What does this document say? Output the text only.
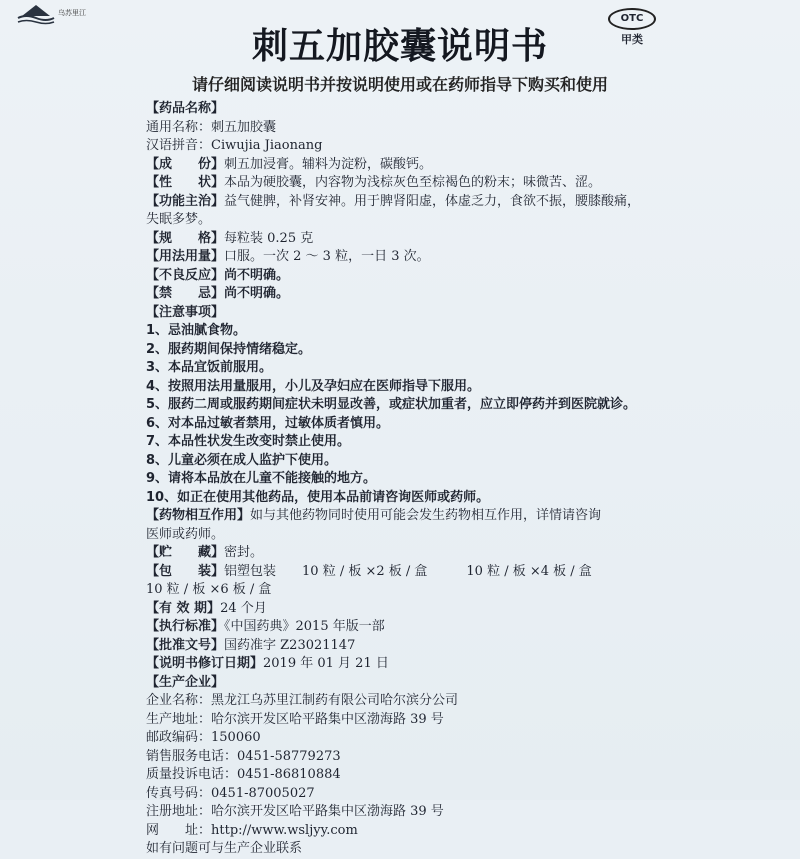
乌苏里江	OTC
甲类
刺五加胶囊说明书
请仔细阅读说明书并按说明使用或在药师指导下购买和使用

【药品名称】

通用名称：刺五加胶囊

汉语拼音：Ciwujia Jiaonang

【成　　份】刺五加浸膏。辅料为淀粉，碳酸钙。

【性　　状】本品为硬胶囊，内容物为浅棕灰色至棕褐色的粉末；味微苦、涩。

【功能主治】益气健脾，补肾安神。用于脾肾阳虚，体虚乏力，食欲不振，腰膝酸痛，

失眠多梦。

【规　　格】每粒装 0.25 克

【用法用量】口服。一次 2 ～ 3 粒，一日 3 次。

【不良反应】尚不明确。

【禁　　忌】尚不明确。

【注意事项】

1、忌油腻食物。

2、服药期间保持情绪稳定。

3、本品宜饭前服用。

4、按照用法用量服用，小儿及孕妇应在医师指导下服用。

5、服药二周或服药期间症状未明显改善，或症状加重者，应立即停药并到医院就诊。

6、对本品过敏者禁用，过敏体质者慎用。

7、本品性状发生改变时禁止使用。

8、儿童必须在成人监护下使用。

9、请将本品放在儿童不能接触的地方。

10、如正在使用其他药品，使用本品前请咨询医师或药师。

【药物相互作用】如与其他药物同时使用可能会发生药物相互作用，详情请咨询

医师或药师。

【贮　　藏】密封。

【包　　装】铝塑包装　　10 粒 / 板 ×2 板 / 盒　　　10 粒 / 板 ×4 板 / 盒

10 粒 / 板 ×6 板 / 盒

【有 效 期】24 个月

【执行标准】《中国药典》2015 年版一部

【批准文号】国药准字 Z23021147

【说明书修订日期】2019 年 01 月 21 日

【生产企业】

企业名称：黑龙江乌苏里江制药有限公司哈尔滨分公司

生产地址：哈尔滨开发区哈平路集中区渤海路 39 号

邮政编码：150060

销售服务电话：0451-58779273

质量投诉电话：0451-86810884

传真号码：0451-87005027

注册地址：哈尔滨开发区哈平路集中区渤海路 39 号

网　　址：http://www.wsljyy.com

如有问题可与生产企业联系
